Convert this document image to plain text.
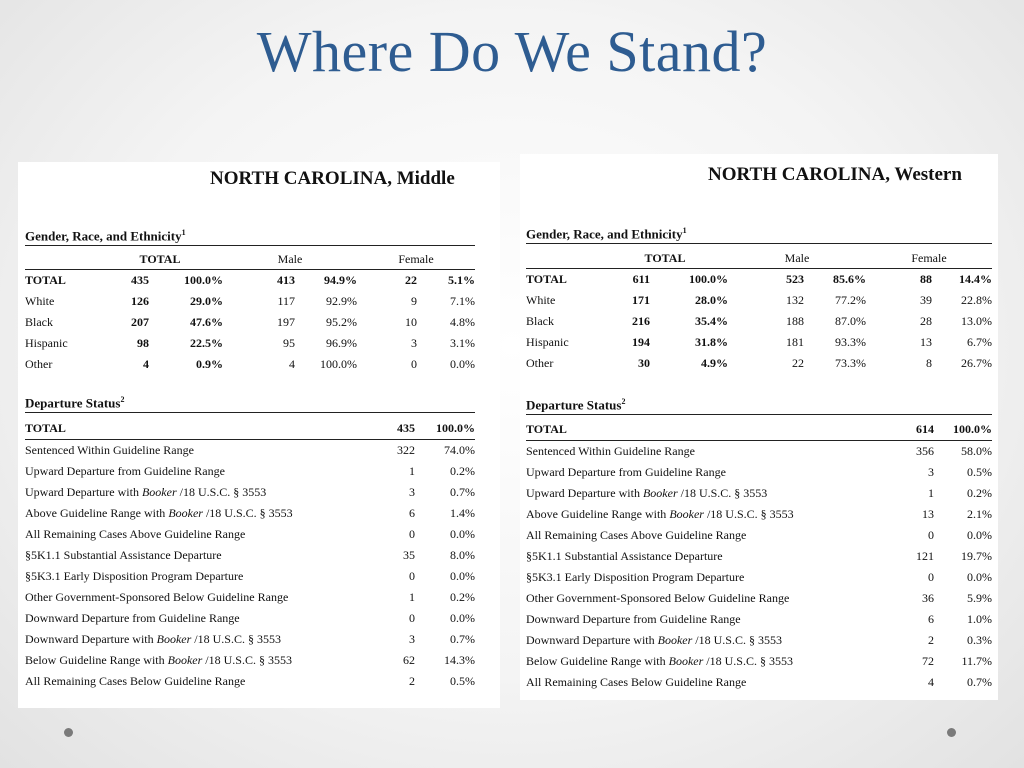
Where Do We Stand?
NORTH CAROLINA, Middle
Gender, Race, and Ethnicity$^1$
	TOTAL		Male		Female	
TOTAL	435	100.0%	413	94.9%	22	5.1%
White	126	29.0%	117	92.9%	9	7.1%
Black	207	47.6%	197	95.2%	10	4.8%
Hispanic	98	22.5%	95	96.9%	3	3.1%
Other	4	0.9%	4	100.0%	0	0.0%
Departure Status$^2$
TOTAL	435	100.0%
Sentenced Within Guideline Range	322	74.0%
Upward Departure from Guideline Range	1	0.2%
Upward Departure with Booker /18 U.S.C. § 3553	3	0.7%
Above Guideline Range with Booker /18 U.S.C. § 3553	6	1.4%
All Remaining Cases Above Guideline Range	0	0.0%
§5K1.1 Substantial Assistance Departure	35	8.0%
§5K3.1 Early Disposition Program Departure	0	0.0%
Other Government-Sponsored Below Guideline Range	1	0.2%
Downward Departure from Guideline Range	0	0.0%
Downward Departure with Booker /18 U.S.C. § 3553	3	0.7%
Below Guideline Range with Booker /18 U.S.C. § 3553	62	14.3%
All Remaining Cases Below Guideline Range	2	0.5%
NORTH CAROLINA, Western
Gender, Race, and Ethnicity$^1$
	TOTAL		Male		Female	
TOTAL	611	100.0%	523	85.6%	88	14.4%
White	171	28.0%	132	77.2%	39	22.8%
Black	216	35.4%	188	87.0%	28	13.0%
Hispanic	194	31.8%	181	93.3%	13	6.7%
Other	30	4.9%	22	73.3%	8	26.7%
Departure Status$^2$
TOTAL	614	100.0%
Sentenced Within Guideline Range	356	58.0%
Upward Departure from Guideline Range	3	0.5%
Upward Departure with Booker /18 U.S.C. § 3553	1	0.2%
Above Guideline Range with Booker /18 U.S.C. § 3553	13	2.1%
All Remaining Cases Above Guideline Range	0	0.0%
§5K1.1 Substantial Assistance Departure	121	19.7%
§5K3.1 Early Disposition Program Departure	0	0.0%
Other Government-Sponsored Below Guideline Range	36	5.9%
Downward Departure from Guideline Range	6	1.0%
Downward Departure with Booker /18 U.S.C. § 3553	2	0.3%
Below Guideline Range with Booker /18 U.S.C. § 3553	72	11.7%
All Remaining Cases Below Guideline Range	4	0.7%
